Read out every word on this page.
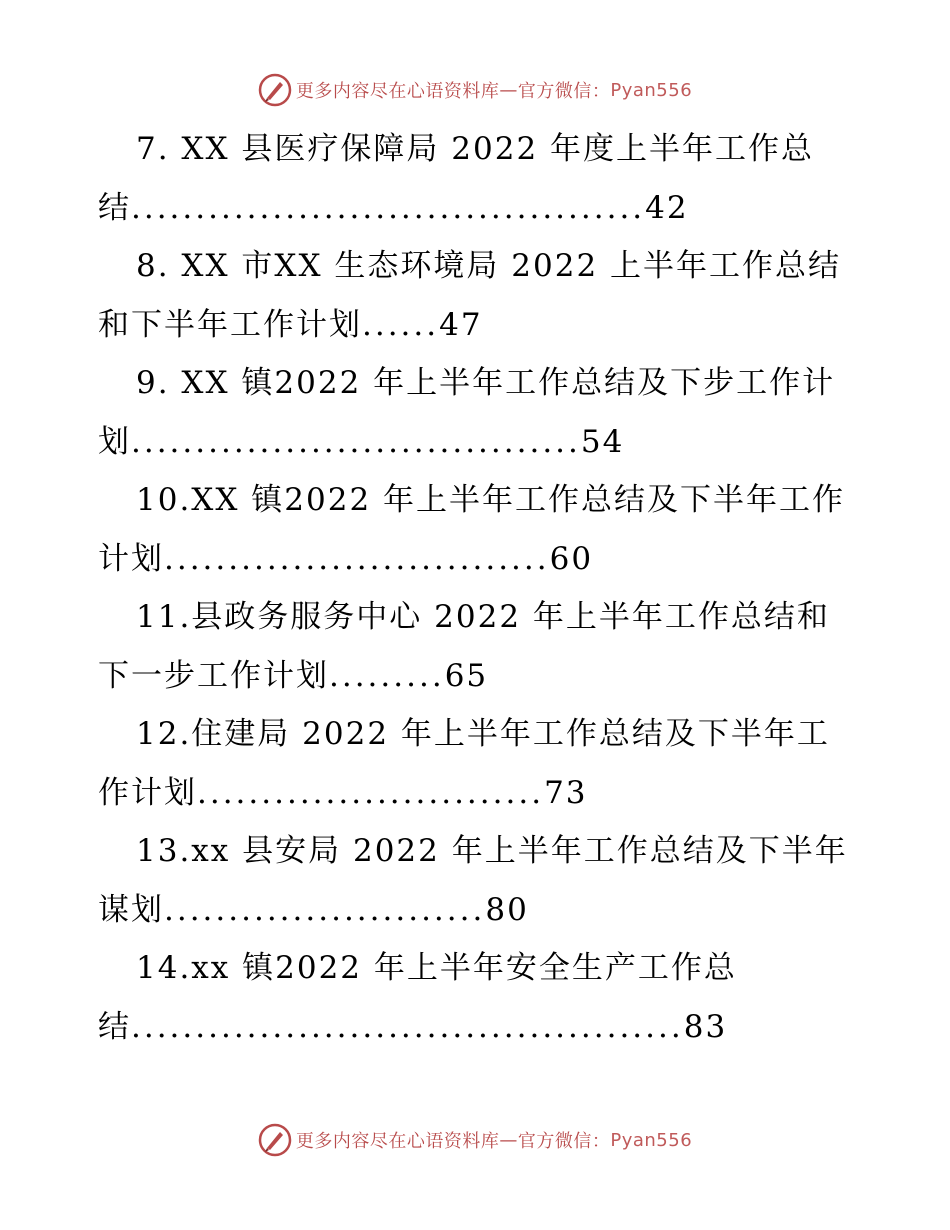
更多内容尽在心语资料库 — 官方微信： Pyan556

7. XX 县医疗保障局 2022 年度上半年工作总结........................................42

8. XX 市XX 生态环境局 2022 上半年工作总结和下半年工作计划......47

9. XX 镇2022 年上半年工作总结及下步工作计划...................................54

10.XX 镇2022 年上半年工作总结及下半年工作计划..............................60

11.县政务服务中心 2022 年上半年工作总结和下一步工作计划.........65

12.住建局 2022 年上半年工作总结及下半年工作计划...........................73

13.xx 县安局 2022 年上半年工作总结及下半年谋划.........................80

14.xx 镇2022 年上半年安全生产工作总结...........................................83

更多内容尽在心语资料库 — 官方微信： Pyan556
